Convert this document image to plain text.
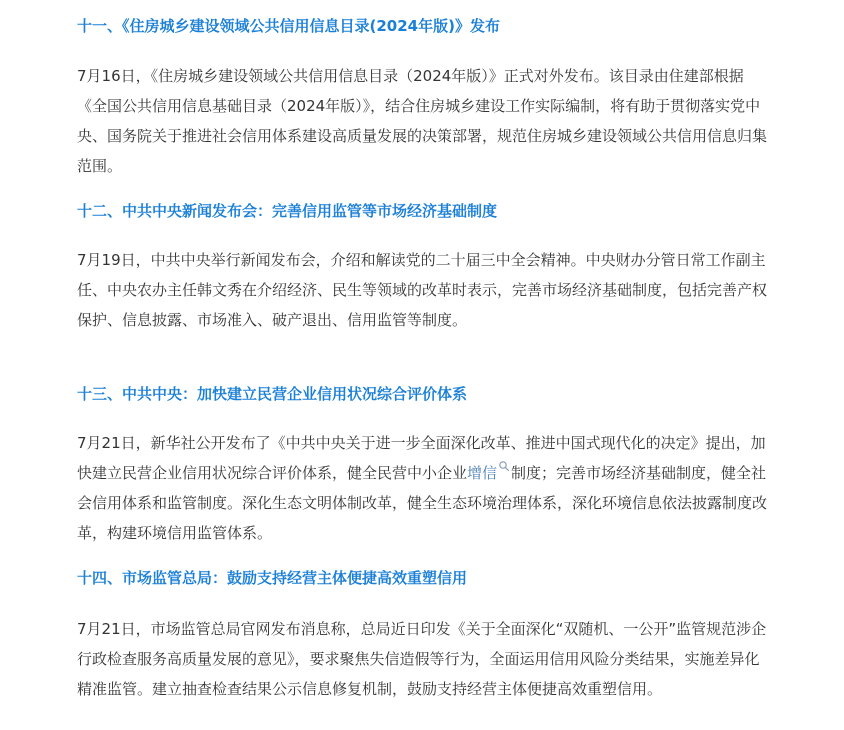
十一、《住房城乡建设领域公共信用信息目录(2024年版)》发布

7月16日，《住房城乡建设领域公共信用信息目录（2024年版）》正式对外发布。该目录由住建部根据《全国公共信用信息基础目录（2024年版）》，结合住房城乡建设工作实际编制，将有助于贯彻落实党中央、国务院关于推进社会信用体系建设高质量发展的决策部署，规范住房城乡建设领域公共信用信息归集范围。

十二、中共中央新闻发布会：完善信用监管等市场经济基础制度

7月19日，中共中央举行新闻发布会，介绍和解读党的二十届三中全会精神。中央财办分管日常工作副主任、中央农办主任韩文秀在介绍经济、民生等领域的改革时表示，完善市场经济基础制度，包括完善产权保护、信息披露、市场准入、破产退出、信用监管等制度。

十三、中共中央：加快建立民营企业信用状况综合评价体系

7月21日，新华社公开发布了《中共中央关于进一步全面深化改革、推进中国式现代化的决定》提出，加快建立民营企业信用状况综合评价体系，健全民营中小企业增信 制度；完善市场经济基础制度，健全社会信用体系和监管制度。深化生态文明体制改革，健全生态环境治理体系，深化环境信息依法披露制度改革，构建环境信用监管体系。

十四、市场监管总局：鼓励支持经营主体便捷高效重塑信用

7月21日，市场监管总局官网发布消息称，总局近日印发《关于全面深化“双随机、一公开”监管规范涉企行政检查服务高质量发展的意见》，要求聚焦失信造假等行为，全面运用信用风险分类结果，实施差异化精准监管。建立抽查检查结果公示信息修复机制，鼓励支持经营主体便捷高效重塑信用。
